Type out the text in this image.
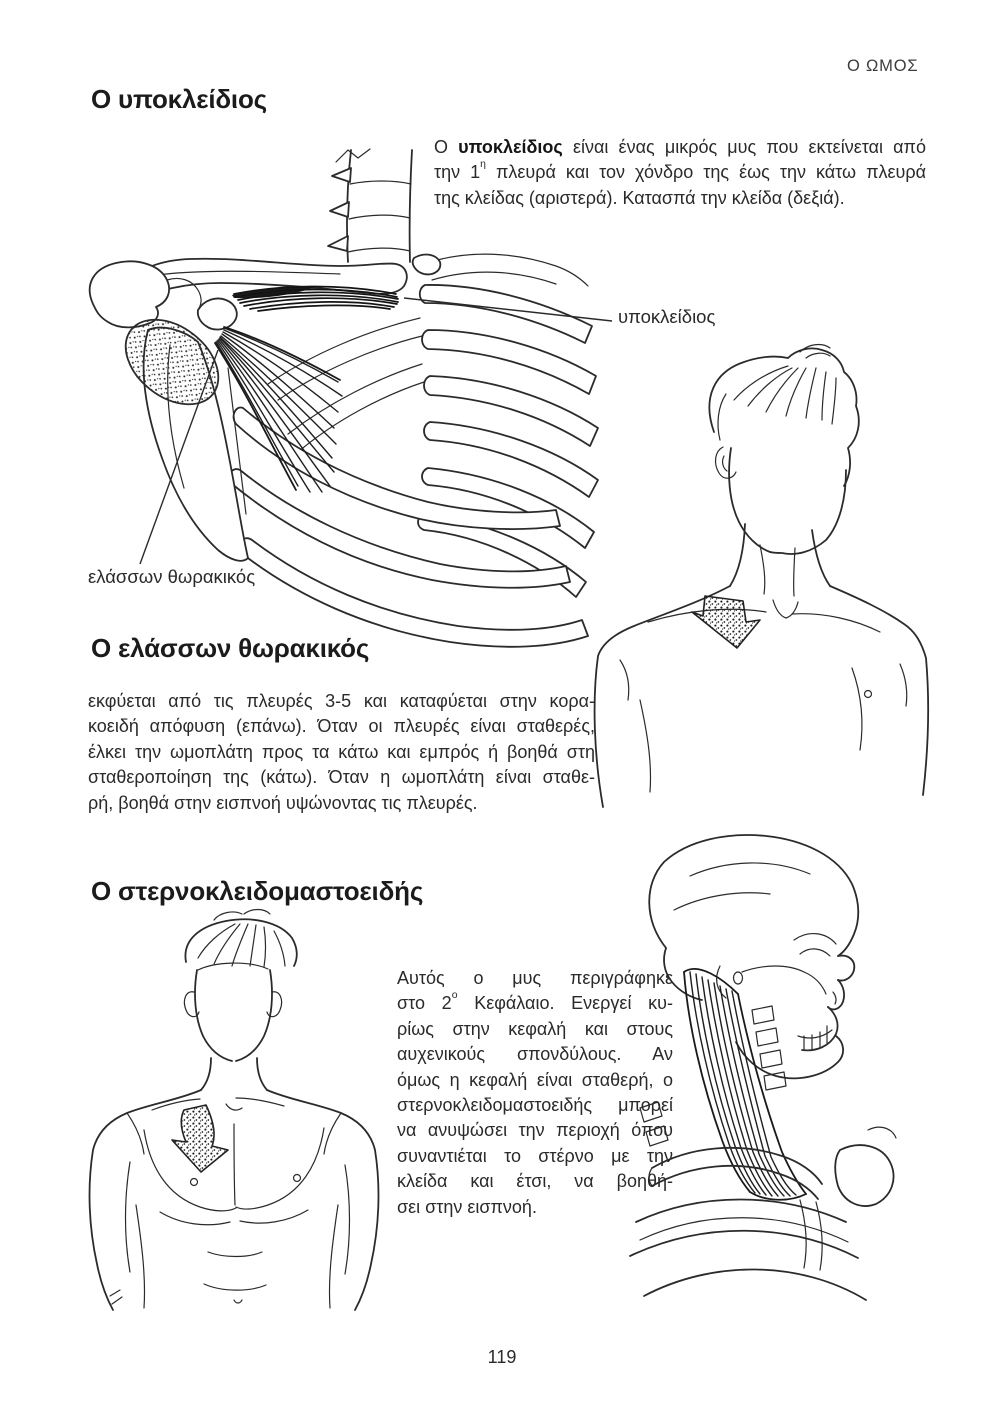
Ο ΩΜΟΣ
Ο υποκλείδιος
Ο υποκλείδιος είναι ένας μικρός μυς που εκτείνεται από
την $1^\eta$ πλευρά και τον χόνδρο της έως την κάτω πλευρά
της κλείδας (αριστερά). Κατασπά την κλείδα (δεξιά).
υποκλείδιος
ελάσσων θωρακικός
Ο ελάσσων θωρακικός
εκφύεται από τις πλευρές 3-5 και καταφύεται στην κορα-
κοειδή απόφυση (επάνω). Όταν οι πλευρές είναι σταθερές,
έλκει την ωμοπλάτη προς τα κάτω και εμπρός ή βοηθά στη
σταθεροποίηση της (κάτω). Όταν η ωμοπλάτη είναι σταθε-
ρή, βοηθά στην εισπνοή υψώνοντας τις πλευρές.
Ο στερνοκλειδομαστοειδής
Αυτός ο μυς περιγράφηκε
στο $2^o$ Κεφάλαιο. Ενεργεί κυ-
ρίως στην κεφαλή και στους
αυχενικούς σπονδύλους. Αν
όμως η κεφαλή είναι σταθερή, ο
στερνοκλειδομαστοειδής μπορεί
να ανυψώσει την περιοχή όπου
συναντιέται το στέρνο με την
κλείδα και έτσι, να βοηθή-
σει στην εισπνοή.
119
